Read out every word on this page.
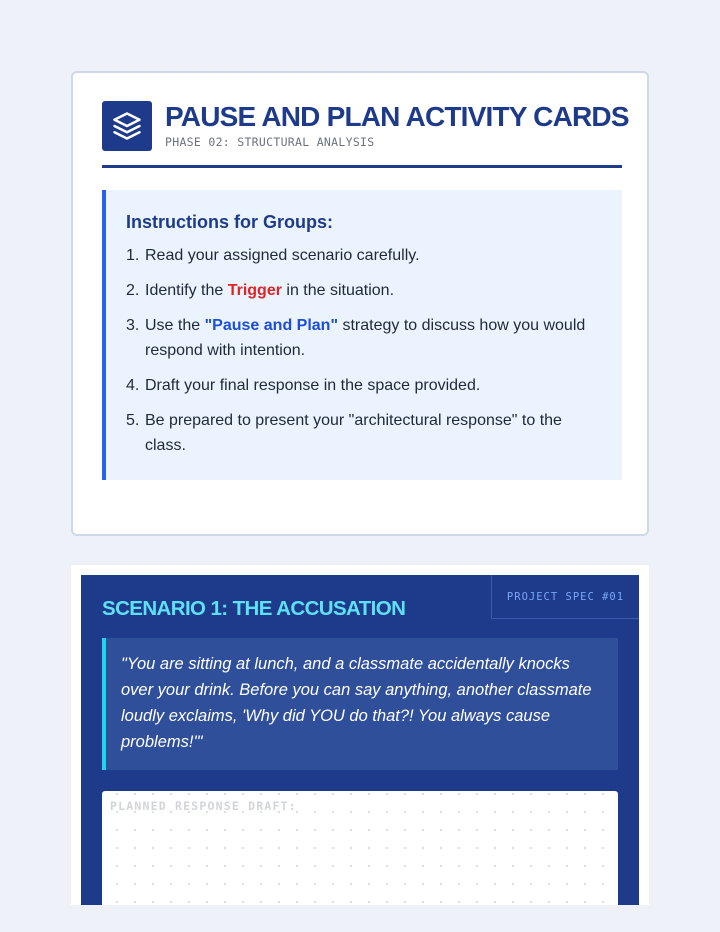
PAUSE AND PLAN ACTIVITY CARDS
PHASE 02: STRUCTURAL ANALYSIS
Instructions for Groups:
1. Read your assigned scenario carefully.
2. Identify the Trigger in the situation.
3. Use the "Pause and Plan" strategy to discuss how you would respond with intention.
4. Draft your final response in the space provided.
5. Be prepared to present your "architectural response" to the class.
PROJECT SPEC #01
SCENARIO 1: THE ACCUSATION
"You are sitting at lunch, and a classmate accidentally knocks over your drink. Before you can say anything, another classmate loudly exclaims, 'Why did YOU do that?! You always cause problems!'"
PLANNED RESPONSE DRAFT:
